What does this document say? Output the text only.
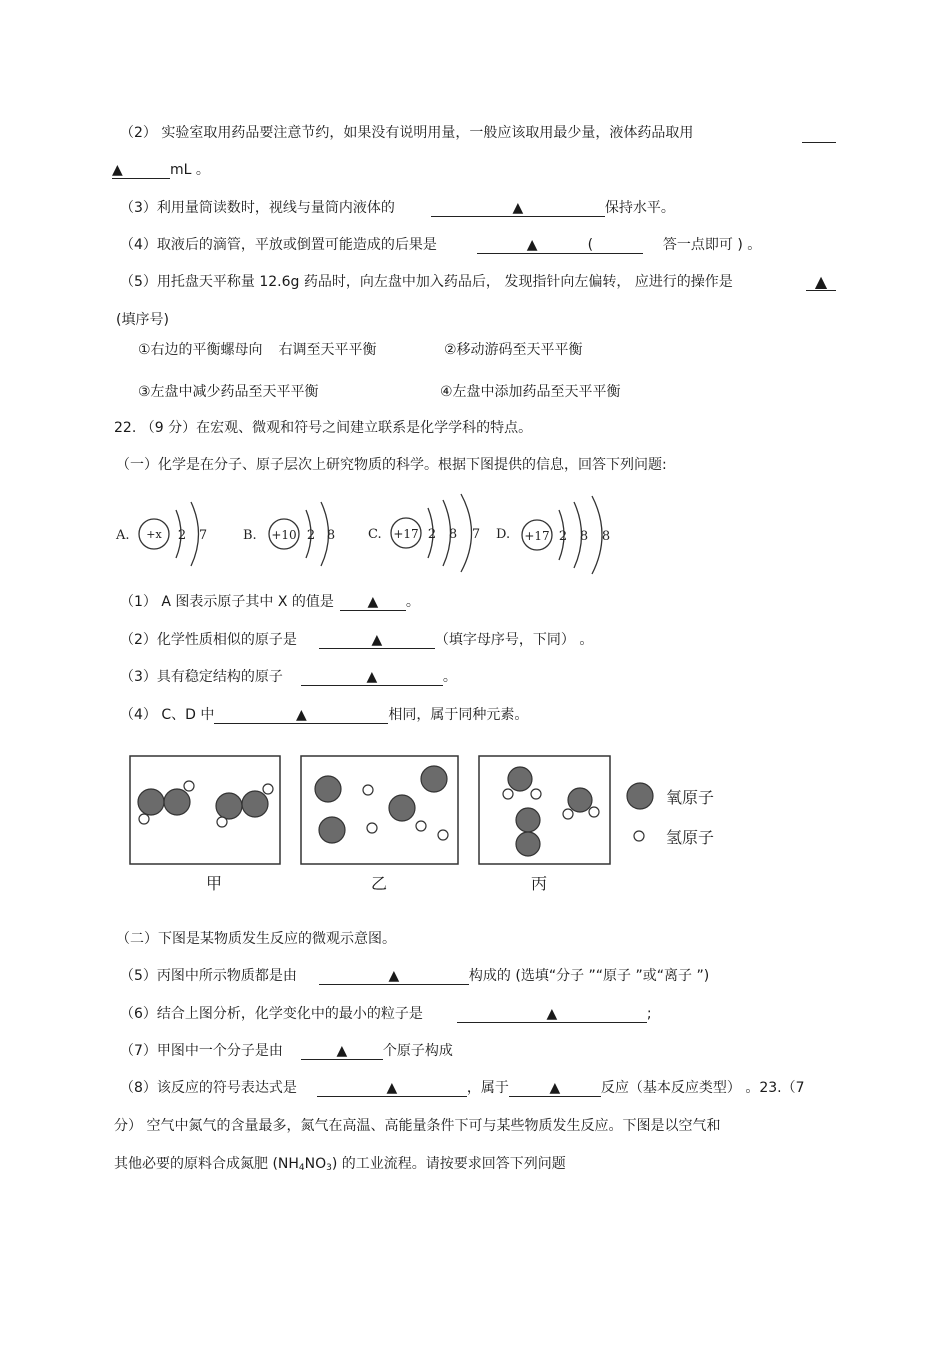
（2） 实验室取用药品要注意节约，如果没有说明用量，一般应该取用最少量，液体药品取用
▲	mL 。
（3）利用量筒读数时，视线与量筒内液体的	▲	保持水平。
（4）取液后的滴管，平放或倒置可能造成的后果是	▲	(	答一点即可 ) 。
（5）用托盘天平称量 12.6g 药品时，向左盘中加入药品后， 发现指针向左偏转， 应进行的操作是	▲
(填序号)
①右边的平衡螺母向 右调至天平平衡	②移动游码至天平平衡
③左盘中减少药品至天平平衡	④左盘中添加药品至天平平衡
22. （9 分）在宏观、微观和符号之间建立联系是化学学科的特点。
（一）化学是在分子、原子层次上研究物质的科学。根据下图提供的信息，回答下列问题:
A. +x 2 7	B. +10 2 8	C. +17 2 8 7 D. +17 2 8 8
（1） A 图表示原子其中 X 的值是 ▲ 。
（2）化学性质相似的原子是	▲	（填字母序号，下同） 。
（3）具有稳定结构的原子	▲	。
（4） C、D 中	▲	相同，属于同种元素。
氧原子
氢原子
甲	乙	丙
（二）下图是某物质发生反应的微观示意图。
（5）丙图中所示物质都是由	▲	构成的 (选填“分子 ”“原子 ”或“离子 ”)
（6）结合上图分析，化学变化中的最小的粒子是	▲	;
（7）甲图中一个分子是由	▲	个原子构成
（8）该反应的符号表达式是	▲	，属于	▲	反应（基本反应类型） 。23.（7
分） 空气中氮气的含量最多，氮气在高温、高能量条件下可与某些物质发生反应。下图是以空气和
其他必要的原料合成氮肥 $(NH_4NO_3)$ 的工业流程。请按要求回答下列问题
